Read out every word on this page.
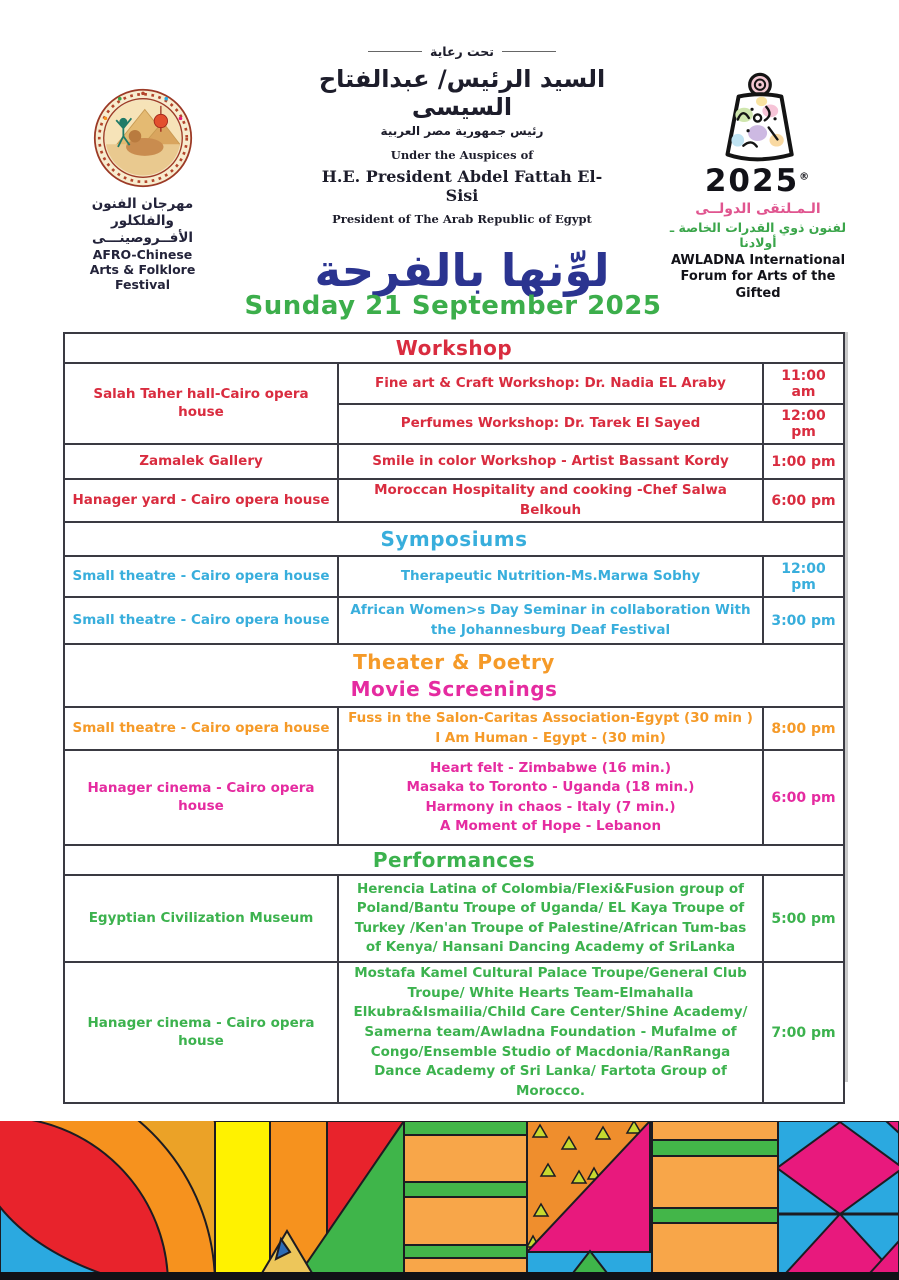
مهرجان الفنون والفلكلور
الأفــروصينـــى
AFRO-Chinese
Arts & Folklore Festival
تحت رعاية
السيد الرئيس/ عبدالفتاح السيسى
رئيس جمهورية مصر العربية
Under the Auspices of
H.E. President Abdel Fattah El-Sisi
President of The Arab Republic of Egypt
لوِّنها بالفرحة
2025®
الـمـلتقى الدولــى
لفنون ذوي القدرات الخاصة ـ أولادنا
AWLADNA International
Forum for Arts of the Gifted
Sunday 21 September 2025
Workshop		
Salah Taher hall-Cairo opera house	Fine art & Craft Workshop: Dr. Nadia EL Araby	11:00 am
	Perfumes Workshop: Dr. Tarek El Sayed	12:00 pm
Zamalek Gallery	Smile in color Workshop - Artist Bassant Kordy	1:00 pm
Hanager yard - Cairo opera house	Moroccan Hospitality and cooking -Chef Salwa Belkouh	6:00 pm
Symposiums		
Small theatre - Cairo opera house	Therapeutic Nutrition-Ms.Marwa Sobhy	12:00 pm
Small theatre - Cairo opera house	African Women>s Day Seminar in collaboration With the Johannesburg Deaf Festival	3:00 pm

Theater & Poetry
Movie Screenings		

Small theatre - Cairo opera house	Fuss in the Salon-Caritas Association-Egypt (30 min )
I Am Human - Egypt - (30 min)	8:00 pm
Hanager cinema - Cairo opera house	Heart felt - Zimbabwe (16 min.)
Masaka to Toronto - Uganda (18 min.)
Harmony in chaos - Italy (7 min.)
A Moment of Hope - Lebanon	6:00 pm
Performances		
Egyptian Civilization Museum	Herencia Latina of Colombia/Flexi&Fusion group of Poland/Bantu Troupe of Uganda/ EL Kaya Troupe of Turkey /Ken'an Troupe of Palestine/African Tum-bas of Kenya/ Hansani Dancing Academy of SriLanka	5:00 pm
Hanager cinema - Cairo opera house	Mostafa Kamel Cultural Palace Troupe/General Club Troupe/ White Hearts Team-Elmahalla Elkubra&Ismailia/Child Care Center/Shine Academy/ Samerna team/Awladna Foundation - Mufalme of Congo/Ensemble Studio of Macdonia/RanRanga Dance Academy of Sri Lanka/ Fartota Group of Morocco.	7:00 pm
